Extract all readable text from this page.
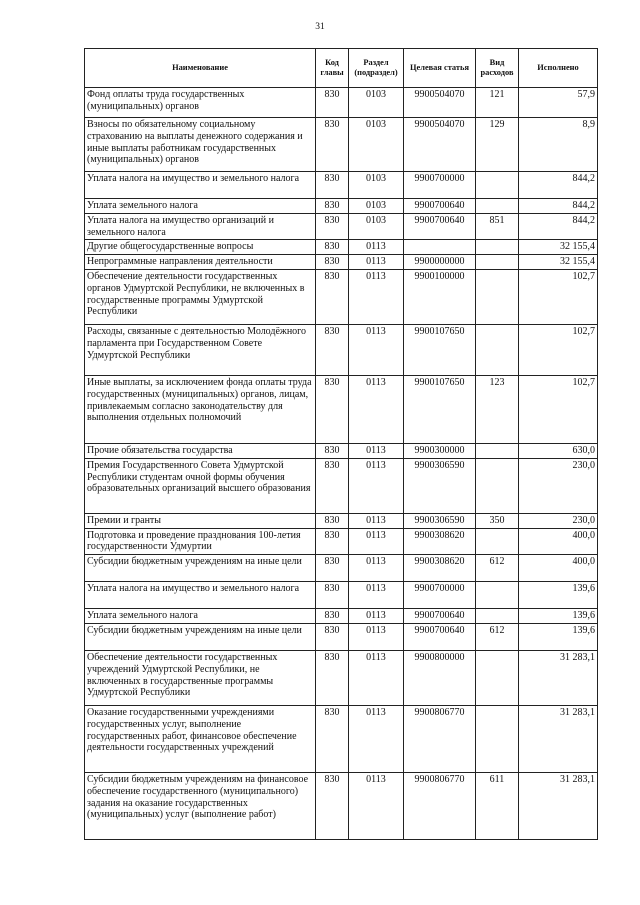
31
Наименование	Код главы	Раздел (подраздел)	Целевая статья	Вид расходов	Исполнено
Фонд оплаты труда государственных (муниципальных) органов	830	0103	9900504070	121	57,9
Взносы по обязательному социальному страхованию на выплаты денежного содержания и иные выплаты работникам государственных (муниципальных) органов	830	0103	9900504070	129	8,9
Уплата налога на имущество и земельного налога	830	0103	9900700000		844,2
Уплата земельного налога	830	0103	9900700640		844,2
Уплата налога на имущество организаций и земельного налога	830	0103	9900700640	851	844,2
Другие общегосударственные вопросы	830	0113			32 155,4
Непрограммные направления деятельности	830	0113	9900000000		32 155,4
Обеспечение деятельности государственных органов Удмуртской Республики, не включенных в государственные программы Удмуртской Республики	830	0113	9900100000		102,7
Расходы, связанные с деятельностью Молодёжного парламента при Государственном Совете Удмуртской Республики	830	0113	9900107650		102,7
Иные выплаты, за исключением фонда оплаты труда государственных (муниципальных) органов, лицам, привлекаемым согласно законодательству для выполнения отдельных полномочий	830	0113	9900107650	123	102,7
Прочие обязательства государства	830	0113	9900300000		630,0
Премия Государственного Совета Удмуртской Республики студентам очной формы обучения образовательных организаций высшего образования	830	0113	9900306590		230,0
Премии и гранты	830	0113	9900306590	350	230,0
Подготовка и проведение празднования 100-летия государственности Удмуртии	830	0113	9900308620		400,0
Субсидии бюджетным учреждениям на иные цели	830	0113	9900308620	612	400,0
Уплата налога на имущество и земельного налога	830	0113	9900700000		139,6
Уплата земельного налога	830	0113	9900700640		139,6
Субсидии бюджетным учреждениям на иные цели	830	0113	9900700640	612	139,6
Обеспечение деятельности государственных учреждений Удмуртской Республики, не включенных в государственные программы Удмуртской Республики	830	0113	9900800000		31 283,1
Оказание государственными учреждениями государственных услуг, выполнение государственных работ, финансовое обеспечение деятельности государственных учреждений	830	0113	9900806770		31 283,1
Субсидии бюджетным учреждениям на финансовое обеспечение государственного (муниципального) задания на оказание государственных (муниципальных) услуг (выполнение работ)	830	0113	9900806770	611	31 283,1
